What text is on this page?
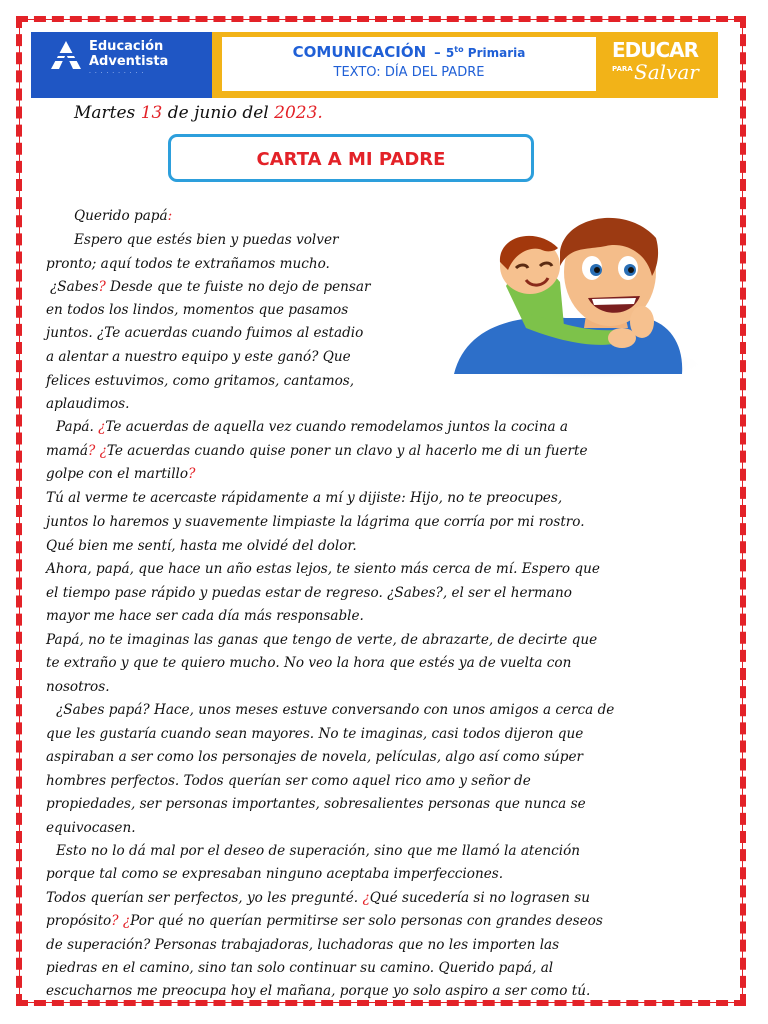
Educación
Adventista
· · · · · · · · · ·
COMUNICACIÓN – $5^{to}$ Primaria
TEXTO: DÍA DEL PADRE
EDUCAR
PARA Salvar
Martes 13 de junio del 2023.
CARTA A MI PADRE
Querido papá:
Espero que estés bien y puedas volver
pronto; aquí todos te extrañamos mucho.
¿Sabes? Desde que te fuiste no dejo de pensar
en todos los lindos, momentos que pasamos
juntos. ¿Te acuerdas cuando fuimos al estadio
a alentar a nuestro equipo y este ganó? Que
felices estuvimos, como gritamos, cantamos,
aplaudimos.
Papá. ¿Te acuerdas de aquella vez cuando remodelamos juntos la cocina a
mamá? ¿Te acuerdas cuando quise poner un clavo y al hacerlo me di un fuerte
golpe con el martillo?
Tú al verme te acercaste rápidamente a mí y dijiste: Hijo, no te preocupes,
juntos lo haremos y suavemente limpiaste la lágrima que corría por mi rostro.
Qué bien me sentí, hasta me olvidé del dolor.
Ahora, papá, que hace un año estas lejos, te siento más cerca de mí. Espero que
el tiempo pase rápido y puedas estar de regreso. ¿Sabes?, el ser el hermano
mayor me hace ser cada día más responsable.
Papá, no te imaginas las ganas que tengo de verte, de abrazarte, de decirte que
te extraño y que te quiero mucho. No veo la hora que estés ya de vuelta con
nosotros.
¿Sabes papá? Hace, unos meses estuve conversando con unos amigos a cerca de
que les gustaría cuando sean mayores. No te imaginas, casi todos dijeron que
aspiraban a ser como los personajes de novela, películas, algo así como súper
hombres perfectos. Todos querían ser como aquel rico amo y señor de
propiedades, ser personas importantes, sobresalientes personas que nunca se
equivocasen.
Esto no lo dá mal por el deseo de superación, sino que me llamó la atención
porque tal como se expresaban ninguno aceptaba imperfecciones.
Todos querían ser perfectos, yo les pregunté. ¿Qué sucedería si no lograsen su
propósito? ¿Por qué no querían permitirse ser solo personas con grandes deseos
de superación? Personas trabajadoras, luchadoras que no les importen las
piedras en el camino, sino tan solo continuar su camino. Querido papá, al
escucharnos me preocupa hoy el mañana, porque yo solo aspiro a ser como tú.
